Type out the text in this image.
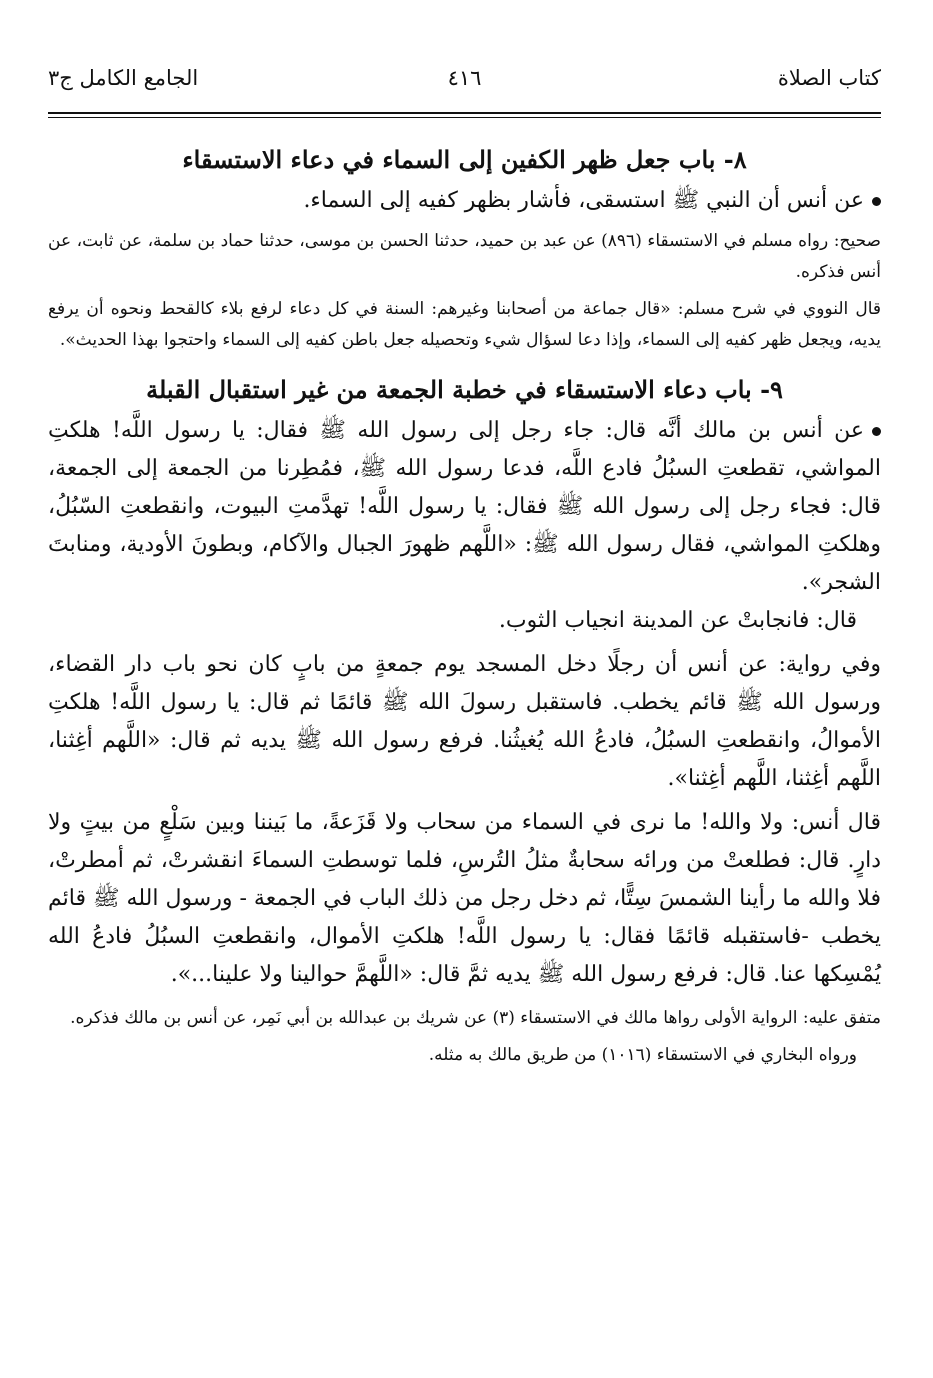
كتاب الصلاة
٤١٦
الجامع الكامل ج٣
٨- باب جعل ظهر الكفين إلى السماء في دعاء الاستسقاء

عن أنس أن النبي ﷺ استسقى، فأشار بظهر كفيه إلى السماء.

صحيح: رواه مسلم في الاستسقاء (٨٩٦) عن عبد بن حميد، حدثنا الحسن بن موسى، حدثنا حماد بن سلمة، عن ثابت، عن أنس فذكره.

قال النووي في شرح مسلم: «قال جماعة من أصحابنا وغيرهم: السنة في كل دعاء لرفع بلاء كالقحط ونحوه أن يرفع يديه، ويجعل ظهر كفيه إلى السماء، وإذا دعا لسؤال شيء وتحصيله جعل باطن كفيه إلى السماء واحتجوا بهذا الحديث».

٩- باب دعاء الاستسقاء في خطبة الجمعة من غير استقبال القبلة

عن أنس بن مالك أنَّه قال: جاء رجل إلى رسول الله ﷺ فقال: يا رسول اللَّه! هلكتِ المواشي، تقطعتِ السبُلُ فادع اللَّه، فدعا رسول الله ﷺ، فمُطِرنا من الجمعة إلى الجمعة، قال: فجاء رجل إلى رسول الله ﷺ فقال: يا رسول اللَّه! تهدَّمتِ البيوت، وانقطعتِ السّبُلُ، وهلكتِ المواشي، فقال رسول الله ﷺ: «اللَّهم ظهورَ الجبال والآكام، وبطونَ الأودية، ومنابتَ الشجر».

قال: فانجابتْ عن المدينة انجياب الثوب.

وفي رواية: عن أنس أن رجلًا دخل المسجد يوم جمعةٍ من بابٍ كان نحو باب دار القضاء، ورسول الله ﷺ قائم يخطب. فاستقبل رسولَ الله ﷺ قائمًا ثم قال: يا رسول اللَّه! هلكتِ الأموالُ، وانقطعتِ السبُلُ، فادعُ الله يُغيثُنا. فرفع رسول الله ﷺ يديه ثم قال: «اللَّهم أغِثنا، اللَّهم أغِثنا، اللَّهم أغِثنا».

قال أنس: ولا والله! ما نرى في السماء من سحاب ولا قَزَعةً، ما بَيننا وبين سَلْعٍ من بيتٍ ولا دارٍ. قال: فطلعتْ من ورائه سحابةٌ مثلُ التُرسِ، فلما توسطتِ السماءَ انقشرتْ، ثم أمطرتْ، فلا والله ما رأينا الشمسَ سِتًّا، ثم دخل رجل من ذلك الباب في الجمعة - ورسول الله ﷺ قائم يخطب -فاستقبله قائمًا فقال: يا رسول اللَّه! هلكتِ الأموال، وانقطعتِ السبُلُ فادعُ الله يُمْسِكها عنا. قال: فرفع رسول الله ﷺ يديه ثمَّ قال: «اللَّهمَّ حوالينا ولا علينا...».

متفق عليه: الرواية الأولى رواها مالك في الاستسقاء (٣) عن شريك بن عبدالله بن أبي نَمِر، عن أنس بن مالك فذكره.

ورواه البخاري في الاستسقاء (١٠١٦) من طريق مالك به مثله.
